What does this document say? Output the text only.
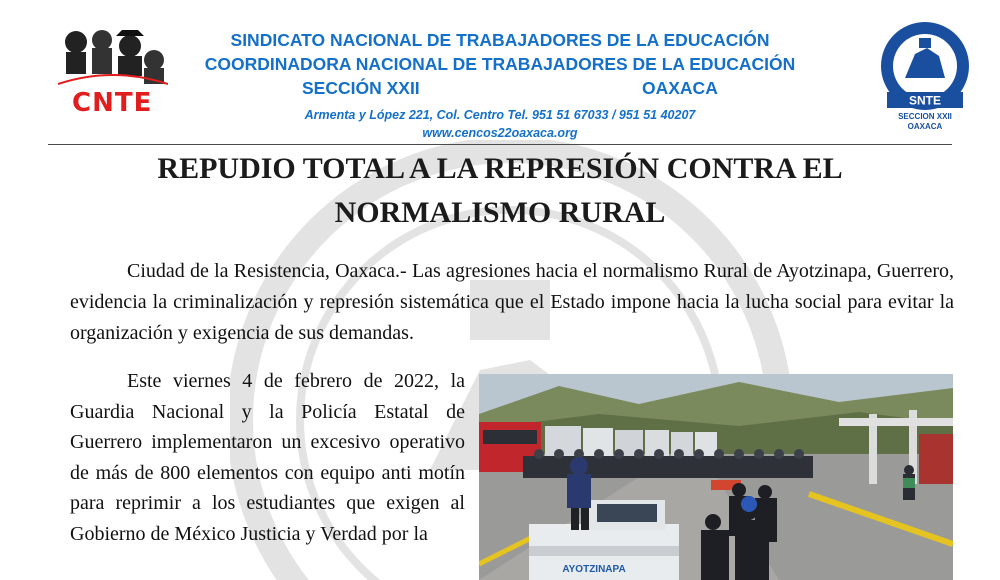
CNTE
SINDICATO NACIONAL DE TRABAJADORES DE LA EDUCACIÓN
COORDINADORA NACIONAL DE TRABAJADORES DE LA EDUCACIÓN
SECCIÓN XXII	OAXACA
Armenta y López 221, Col. Centro Tel. 951 51 67033 / 951 51 40207
www.cencos22oaxaca.org
SNTE
SECCION XXII
OAXACA
REPUDIO TOTAL A LA REPRESIÓN CONTRA EL
NORMALISMO RURAL

Ciudad de la Resistencia, Oaxaca.- Las agresiones hacia el normalismo Rural de Ayotzinapa, Guerrero, evidencia la criminalización y represión sistemática que el Estado impone hacia la lucha social para evitar la organización y exigencia de sus demandas.

Este viernes 4 de febrero de 2022, la Guardia Nacional y la Policía Estatal de Guerrero implementaron un excesivo operativo de más de 800 elementos con equipo anti motín para reprimir a los estudiantes que exigen al Gobierno de México Justicia y Verdad por la

AYOTZINAPA
